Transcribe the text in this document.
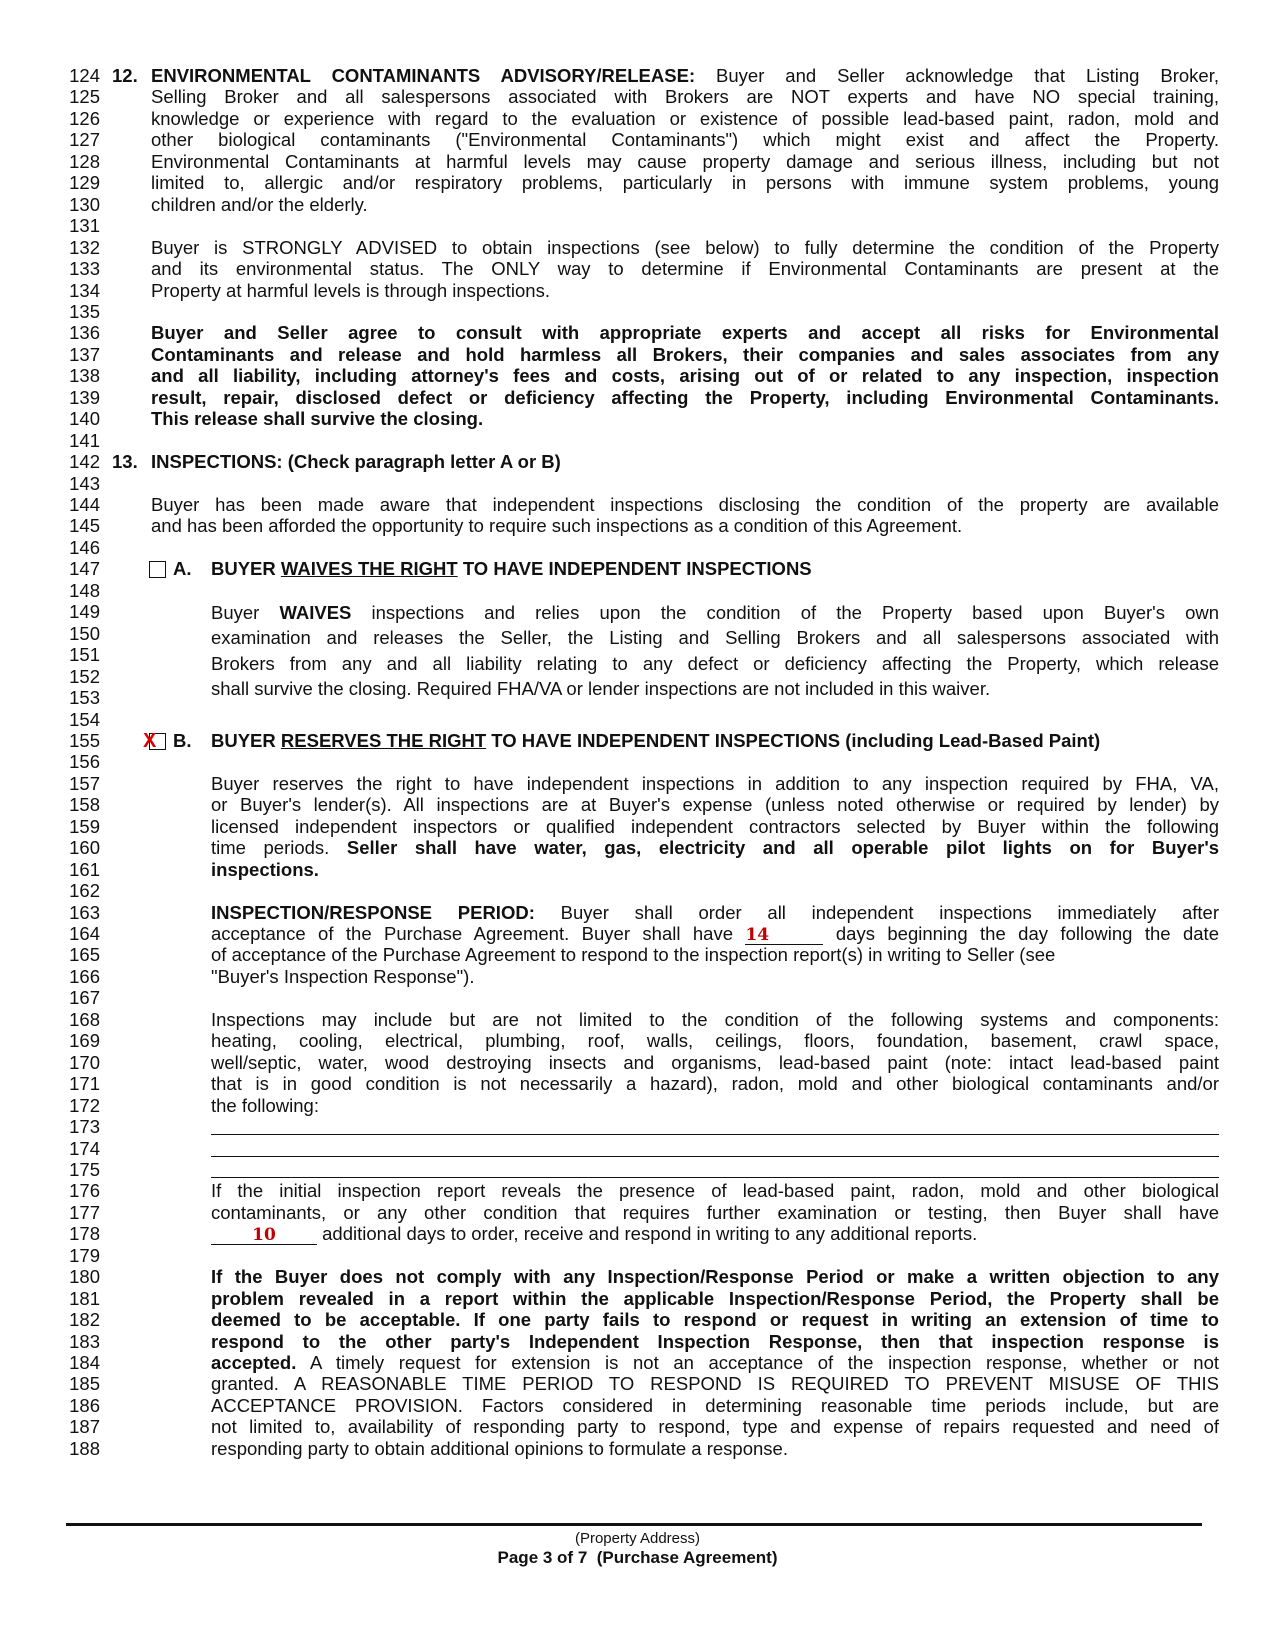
124
125
126
127
128
129
130
131
132
133
134
135
136
137
138
139
140
141
142
143
144
145
146
147
148
149
150
151
152
153
154
155
156
157
158
159
160
161
162
163
164
165
166
167
168
169
170
171
172
173
174
175
176
177
178
179
180
181
182
183
184
185
186
187
188
12.
13.
A.
X B.
ENVIRONMENTAL CONTAMINANTS ADVISORY/RELEASE: Buyer and Seller acknowledge that Listing Broker,
Selling Broker and all salespersons associated with Brokers are NOT experts and have NO special training,
knowledge or experience with regard to the evaluation or existence of possible lead-based paint, radon, mold and
other biological contaminants ("Environmental Contaminants") which might exist and affect the Property.
Environmental Contaminants at harmful levels may cause property damage and serious illness, including but not
limited to, allergic and/or respiratory problems, particularly in persons with immune system problems, young
children and/or the elderly.
Buyer is STRONGLY ADVISED to obtain inspections (see below) to fully determine the condition of the Property
and its environmental status. The ONLY way to determine if Environmental Contaminants are present at the
Property at harmful levels is through inspections.
Buyer and Seller agree to consult with appropriate experts and accept all risks for Environmental
Contaminants and release and hold harmless all Brokers, their companies and sales associates from any
and all liability, including attorney's fees and costs, arising out of or related to any inspection, inspection
result, repair, disclosed defect or deficiency affecting the Property, including Environmental Contaminants.
This release shall survive the closing.
INSPECTIONS: (Check paragraph letter A or B)
Buyer has been made aware that independent inspections disclosing the condition of the property are available
and has been afforded the opportunity to require such inspections as a condition of this Agreement.
BUYER WAIVES THE RIGHT TO HAVE INDEPENDENT INSPECTIONS
Buyer WAIVES inspections and relies upon the condition of the Property based upon Buyer's own
examination and releases the Seller, the Listing and Selling Brokers and all salespersons associated with
Brokers from any and all liability relating to any defect or deficiency affecting the Property, which release
shall survive the closing. Required FHA/VA or lender inspections are not included in this waiver.
BUYER RESERVES THE RIGHT TO HAVE INDEPENDENT INSPECTIONS (including Lead-Based Paint)
Buyer reserves the right to have independent inspections in addition to any inspection required by FHA, VA,
or Buyer's lender(s). All inspections are at Buyer's expense (unless noted otherwise or required by lender) by
licensed independent inspectors or qualified independent contractors selected by Buyer within the following
time periods. Seller shall have water, gas, electricity and all operable pilot lights on for Buyer's
inspections.
INSPECTION/RESPONSE PERIOD: Buyer shall order all independent inspections immediately after
acceptance of the Purchase Agreement. Buyer shall have 14	days beginning the day following the date
of acceptance of the Purchase Agreement to respond to the inspection report(s) in writing to Seller (see
"Buyer's Inspection Response").
Inspections may include but are not limited to the condition of the following systems and components:
heating, cooling, electrical, plumbing, roof, walls, ceilings, floors, foundation, basement, crawl space,
well/septic, water, wood destroying insects and organisms, lead-based paint (note: intact lead-based paint
that is in good condition is not necessarily a hazard), radon, mold and other biological contaminants and/or
the following:
If the initial inspection report reveals the presence of lead-based paint, radon, mold and other biological
contaminants, or any other condition that requires further examination or testing, then Buyer shall have
10 additional days to order, receive and respond in writing to any additional reports.
If the Buyer does not comply with any Inspection/Response Period or make a written objection to any
problem revealed in a report within the applicable Inspection/Response Period, the Property shall be
deemed to be acceptable. If one party fails to respond or request in writing an extension of time to
respond to the other party's Independent Inspection Response, then that inspection response is
accepted. A timely request for extension is not an acceptance of the inspection response, whether or not
granted. A REASONABLE TIME PERIOD TO RESPOND IS REQUIRED TO PREVENT MISUSE OF THIS
ACCEPTANCE PROVISION. Factors considered in determining reasonable time periods include, but are
not limited to, availability of responding party to respond, type and expense of repairs requested and need of
responding party to obtain additional opinions to formulate a response.
(Property Address)
Page 3 of 7  (Purchase Agreement)
